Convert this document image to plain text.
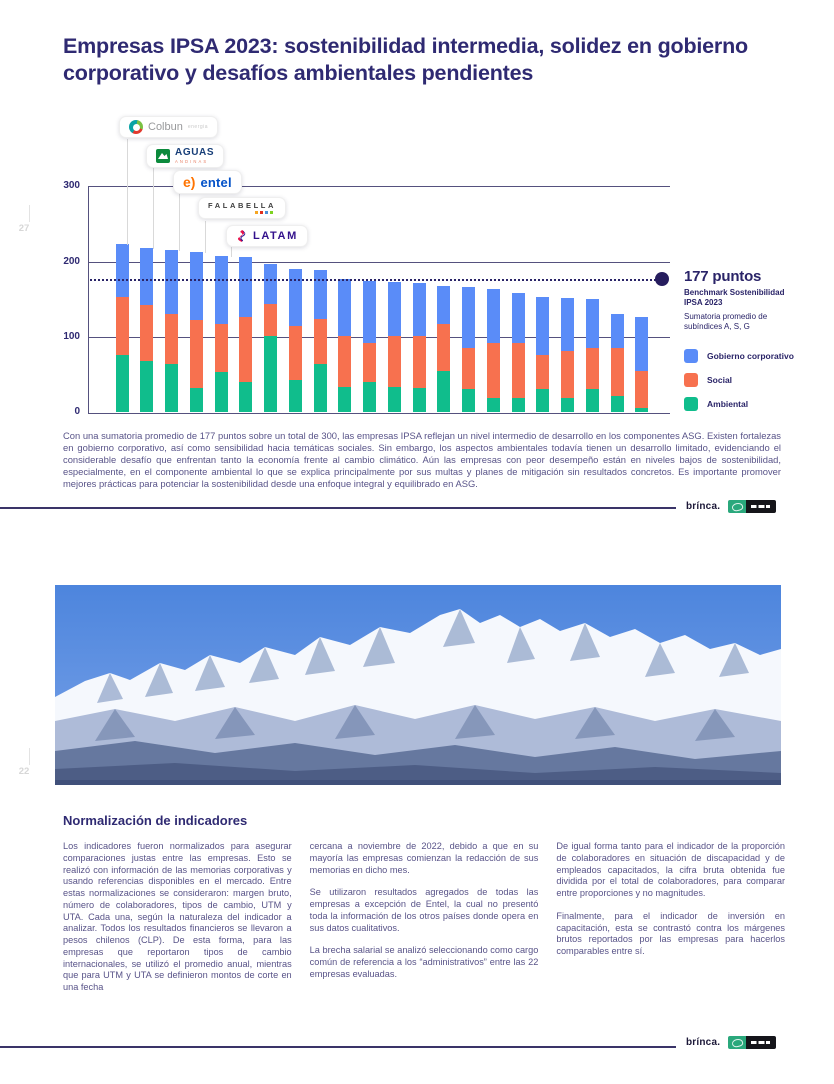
27
Empresas IPSA 2023: sostenibilidad intermedia, solidez en gobierno corporativo y desafíos ambientales pendientes
300
200
100
0
Colbun energia
AGUAS
ANDINAS
e) entel
FALABELLA
LATAM
177 puntos
Benchmark Sostenibilidad
IPSA 2023
Sumatoria promedio de
subíndices A, S, G
Gobierno corporativo
Social
Ambiental
Con una sumatoria promedio de 177 puntos sobre un total de 300, las empresas IPSA reflejan un nivel intermedio de desarrollo en los componentes ASG. Existen fortalezas en gobierno corporativo, así como sensibilidad hacia temáticas sociales. Sin embargo, los aspectos ambientales todavía tienen un desarrollo limitado, evidenciando el considerable desafío que enfrentan tanto la economía frente al cambio climático. Aún las empresas con peor desempeño están en niveles bajos de sostenibilidad, especialmente, en el componente ambiental lo que se explica principalmente por sus multas y planes de mitigación sin resultados concretos. Es importante promover mejores prácticas para potenciar la sostenibilidad desde una enfoque integral y equilibrado en ASG.
brínca.
22
Normalización de indicadores

Los indicadores fueron normalizados para asegurar comparaciones justas entre las empresas. Esto se realizó con información de las memorias corporativas y usando referencias disponibles en el mercado. Entre estas normalizaciones se consideraron: margen bruto, número de colaboradores, tipos de cambio, UTM y UTA. Cada una, según la naturaleza del indicador a analizar. Todos los resultados financieros se llevaron a pesos chilenos (CLP). De esta forma, para las empresas que reportaron tipos de cambio internacionales, se utilizó el promedio anual, mientras que para UTM y UTA se definieron montos de corte en una fecha

cercana a noviembre de 2022, debido a que en su mayoría las empresas comienzan la redacción de sus memorias en dicho mes.

Se utilizaron resultados agregados de todas las empresas a excepción de Entel, la cual no presentó toda la información de los otros países donde opera en sus datos cualitativos.

La brecha salarial se analizó seleccionando como cargo común de referencia a los “administrativos” entre las 22 empresas evaluadas.

De igual forma tanto para el indicador de la proporción de colaboradores en situación de discapacidad y de empleados capacitados, la cifra bruta obtenida fue dividida por el total de colaboradores, para comparar entre proporciones y no magnitudes.

Finalmente, para el indicador de inversión en capacitación, esta se contrastó contra los márgenes brutos reportados por las empresas para hacerlos comparables entre sí.

brínca.
